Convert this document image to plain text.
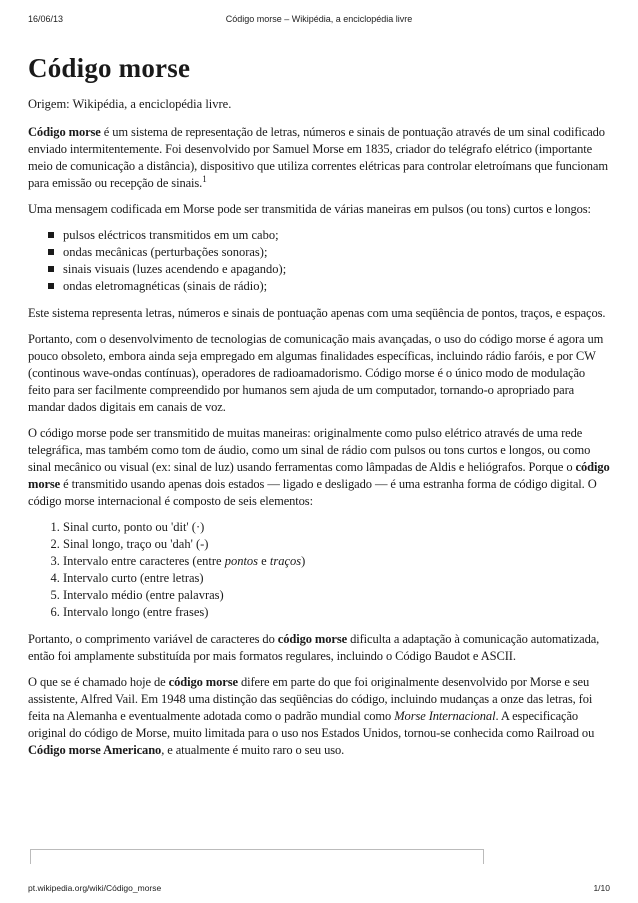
16/06/13	Código morse – Wikipédia, a enciclopédia livre
Código morse
Origem: Wikipédia, a enciclopédia livre.

Código morse é um sistema de representação de letras, números e sinais de pontuação através de um sinal codificado enviado intermitentemente. Foi desenvolvido por Samuel Morse em 1835, criador do telégrafo elétrico (importante meio de comunicação a distância), dispositivo que utiliza correntes elétricas para controlar eletroímans que funcionam para emissão ou recepção de sinais.$^1$

Uma mensagem codificada em Morse pode ser transmitida de várias maneiras em pulsos (ou tons) curtos e longos:

pulsos eléctricos transmitidos em um cabo;
ondas mecânicas (perturbações sonoras);
sinais visuais (luzes acendendo e apagando);
ondas eletromagnéticas (sinais de rádio);

Este sistema representa letras, números e sinais de pontuação apenas com uma seqüência de pontos, traços, e espaços.

Portanto, com o desenvolvimento de tecnologias de comunicação mais avançadas, o uso do código morse é agora um pouco obsoleto, embora ainda seja empregado em algumas finalidades específicas, incluindo rádio faróis, e por CW (continous wave-ondas contínuas), operadores de radioamadorismo. Código morse é o único modo de modulação feito para ser facilmente compreendido por humanos sem ajuda de um computador, tornando-o apropriado para mandar dados digitais em canais de voz.

O código morse pode ser transmitido de muitas maneiras: originalmente como pulso elétrico através de uma rede telegráfica, mas também como tom de áudio, como um sinal de rádio com pulsos ou tons curtos e longos, ou como sinal mecânico ou visual (ex: sinal de luz) usando ferramentas como lâmpadas de Aldis e heliógrafos. Porque o código morse é transmitido usando apenas dois estados — ligado e desligado — é uma estranha forma de código digital. O código morse internacional é composto de seis elementos:

1. Sinal curto, ponto ou 'dit' (·)
2. Sinal longo, traço ou 'dah' (-)
3. Intervalo entre caracteres (entre pontos e traços)
4. Intervalo curto (entre letras)
5. Intervalo médio (entre palavras)
6. Intervalo longo (entre frases)

Portanto, o comprimento variável de caracteres do código morse dificulta a adaptação à comunicação automatizada, então foi amplamente substituída por mais formatos regulares, incluindo o Código Baudot e ASCII.

O que se é chamado hoje de código morse difere em parte do que foi originalmente desenvolvido por Morse e seu assistente, Alfred Vail. Em 1948 uma distinção das seqüências do código, incluindo mudanças a onze das letras, foi feita na Alemanha e eventualmente adotada como o padrão mundial como Morse Internacional. A especificação original do código de Morse, muito limitada para o uso nos Estados Unidos, tornou-se conhecida como Railroad ou Código morse Americano, e atualmente é muito raro o seu uso.

pt.wikipedia.org/wiki/Código_morse	1/10
